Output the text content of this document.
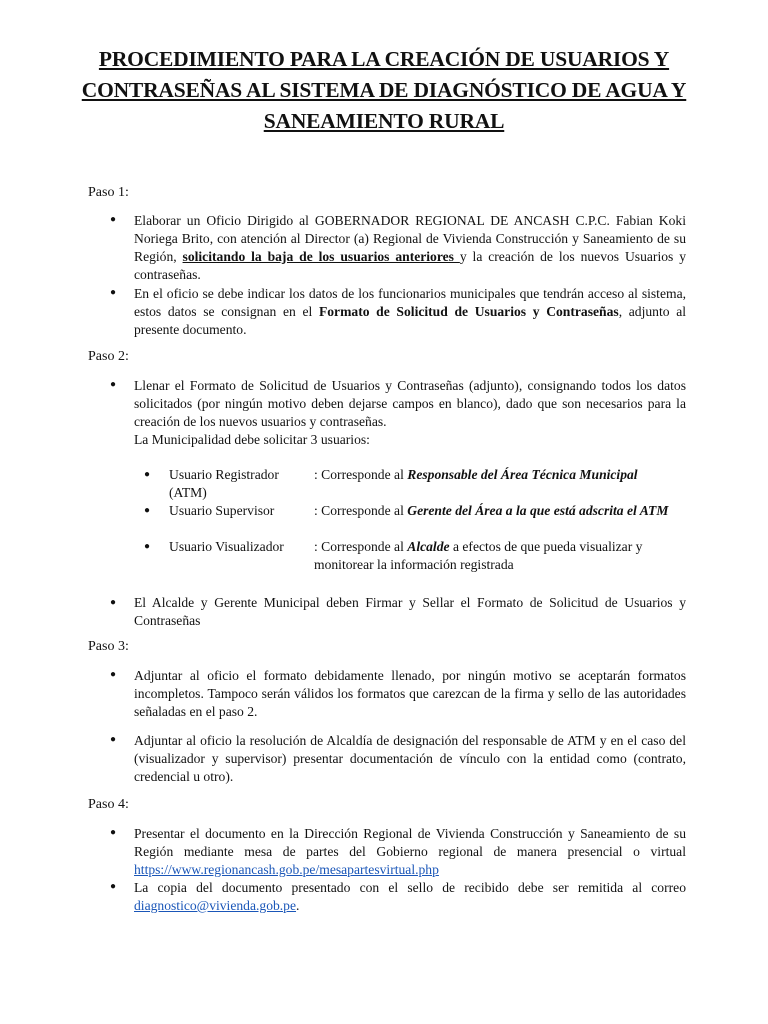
PROCEDIMIENTO PARA LA CREACIÓN DE USUARIOS Y CONTRASEÑAS AL SISTEMA DE DIAGNÓSTICO DE AGUA Y SANEAMIENTO RURAL
Paso 1:
● Elaborar un Oficio Dirigido al GOBERNADOR REGIONAL DE ANCASH C.P.C. Fabian Koki Noriega Brito, con atención al Director (a) Regional de Vivienda Construcción y Saneamiento de su Región, solicitando la baja de los usuarios anteriores y la creación de los nuevos Usuarios y contraseñas.
● En el oficio se debe indicar los datos de los funcionarios municipales que tendrán acceso al sistema, estos datos se consignan en el Formato de Solicitud de Usuarios y Contraseñas, adjunto al presente documento.
Paso 2:
● Llenar el Formato de Solicitud de Usuarios y Contraseñas (adjunto), consignando todos los datos solicitados (por ningún motivo deben dejarse campos en blanco), dado que son necesarios para la creación de los nuevos usuarios y contraseñas.
La Municipalidad debe solicitar 3 usuarios:
● Usuario Registrador
(ATM)
: Corresponde al Responsable del Área Técnica Municipal
● Usuario Supervisor	: Corresponde al Gerente del Área a la que está adscrita el ATM
● Usuario Visualizador	: Corresponde al Alcalde a efectos de que pueda visualizar y monitorear la información registrada
● El Alcalde y Gerente Municipal deben Firmar y Sellar el Formato de Solicitud de Usuarios y Contraseñas
Paso 3:
● Adjuntar al oficio el formato debidamente llenado, por ningún motivo se aceptarán formatos incompletos. Tampoco serán válidos los formatos que carezcan de la firma y sello de las autoridades señaladas en el paso 2.
● Adjuntar al oficio la resolución de Alcaldía de designación del responsable de ATM y en el caso del (visualizador y supervisor) presentar documentación de vínculo con la entidad como (contrato, credencial u otro).
Paso 4:
● Presentar el documento en la Dirección Regional de Vivienda Construcción y Saneamiento de su Región mediante mesa de partes del Gobierno regional de manera presencial o virtual https://www.regionancash.gob.pe/mesapartesvirtual.php
● La copia del documento presentado con el sello de recibido debe ser remitida al correo diagnostico@vivienda.gob.pe.
